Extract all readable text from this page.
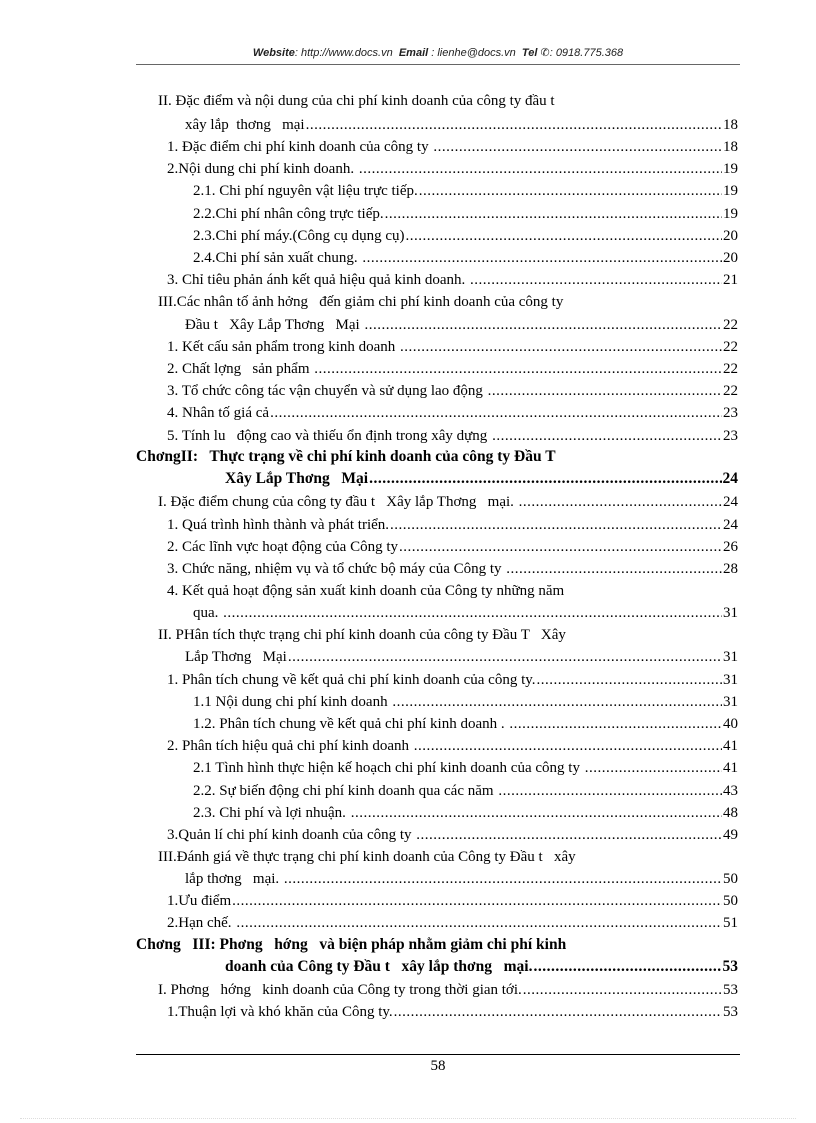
Website: http://www.docs.vn Email : lienhe@docs.vn Tel ✆: 0918.775.368
II. Đặc điểm và nội dung của chi phí kinh doanh của công ty đầu t
xây lắp  thơng   mại .....	18
1. Đặc điểm chi phí kinh doanh của công ty .....	18
2.Nội dung chi phí kinh doanh. .....	19
2.1. Chi phí nguyên vật liệu trực tiếp. .....	19
2.2.Chi phí nhân công trực tiếp. .....	19
2.3.Chi phí máy.(Công cụ dụng cụ) .....	20
2.4.Chi phí sản xuất chung. .....	20
3. Chỉ tiêu phản ánh kết quả hiệu quả kinh doanh. .....	21
III.Các nhân tố ảnh hởng   đến giảm chi phí kinh doanh của công ty
Đầu t   Xây Lắp Thơng   Mại .....	22
1. Kết cấu sản phẩm trong kinh doanh .....	22
2. Chất lợng   sản phẩm .....	22
3. Tổ chức công tác vận chuyển và sử dụng lao động .....	22
4. Nhân tố giá cả .....	23
5. Tính lu   động cao và thiếu ổn định trong xây dựng .....	23
ChơngII:   Thực trạng về chi phí kinh doanh của công ty Đầu T
Xây Lắp Thơng   Mại .....	24
I. Đặc điểm chung của công ty đầu t   Xây lắp Thơng   mại. .....	24
1. Quá trình hình thành và phát triển. .....	24
2. Các lĩnh vực hoạt động của Công ty .....	26
3. Chức năng, nhiệm vụ và tổ chức bộ máy của Công ty .....	28
4. Kết quả hoạt động sản xuất kinh doanh của Công ty những năm
qua. .....	31
II. PHân tích thực trạng chi phí kinh doanh của công ty Đầu T   Xây
Lắp Thơng   Mại .....	31
1. Phân tích chung về kết quả chi phí kinh doanh của công ty. .....	31
1.1 Nội dung chi phí kinh doanh .....	31
1.2. Phân tích chung về kết quả chi phí kinh doanh . .....	40
2. Phân tích hiệu quả chi phí kinh doanh .....	41
2.1 Tình hình thực hiện kế hoạch chi phí kinh doanh của công ty .....	41
2.2. Sự biến động chi phí kinh doanh qua các năm .....	43
2.3. Chi phí và lợi nhuận. .....	48
3.Quản lí chi phí kinh doanh của công ty .....	49
III.Đánh giá về thực trạng chi phí kinh doanh của Công ty Đầu t   xây
lắp thơng   mại. .....	50
1.Ưu điểm .....	50
2.Hạn chế. .....	51
Chơng   III: Phơng   hớng   và biện pháp nhằm giảm chi phí kinh
doanh của Công ty Đầu t   xây lắp thơng   mại. .....	53
I. Phơng   hớng   kinh doanh của Công ty trong thời gian tới. .....	53
1.Thuận lợi và khó khăn của Công ty. .....	53
58
